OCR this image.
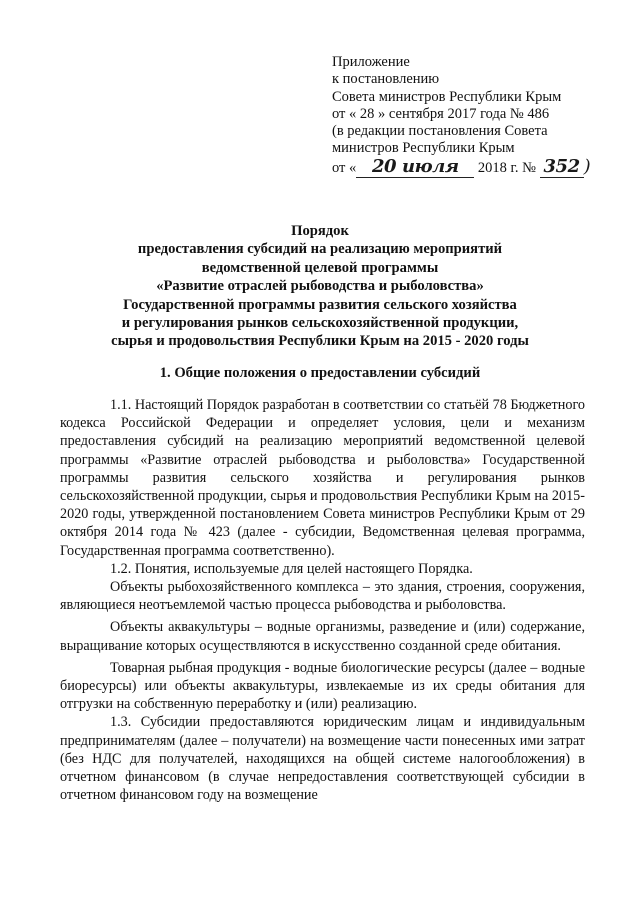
Приложение
к постановлению
Совета министров Республики Крым
от « 28 » сентября 2017 года № 486
(в редакции постановления Совета
министров Республики Крым
от « 20 июля 2018 г. № 352 )
Порядок
предоставления субсидий на реализацию мероприятий
ведомственной целевой программы
«Развитие отраслей рыбоводства и рыболовства»
Государственной программы развития сельского хозяйства
и регулирования рынков сельскохозяйственной продукции,
сырья и продовольствия Республики Крым на 2015 - 2020 годы
1. Общие положения о предоставлении субсидий

1.1. Настоящий Порядок разработан в соответствии со статьёй 78 Бюджетного кодекса Российской Федерации и определяет условия, цели и механизм предоставления субсидий на реализацию мероприятий ведомственной целевой программы «Развитие отраслей рыбоводства и рыболовства» Государственной программы развития сельского хозяйства и регулирования рынков сельскохозяйственной продукции, сырья и продовольствия Республики Крым на 2015-2020 годы, утвержденной постановлением Совета министров Республики Крым от 29 октября 2014 года № 423 (далее - субсидии, Ведомственная целевая программа, Государственная программа соответственно).

1.2. Понятия, используемые для целей настоящего Порядка.

Объекты рыбохозяйственного комплекса – это здания, строения, сооружения, являющиеся неотъемлемой частью процесса рыбоводства и рыболовства.

Объекты аквакультуры – водные организмы, разведение и (или) содержание, выращивание которых осуществляются в искусственно созданной среде обитания.

Товарная рыбная продукция - водные биологические ресурсы (далее – водные биоресурсы) или объекты аквакультуры, извлекаемые из их среды обитания для отгрузки на собственную переработку и (или) реализацию.

1.3. Субсидии предоставляются юридическим лицам и индивидуальным предпринимателям (далее – получатели) на возмещение части понесенных ими затрат (без НДС для получателей, находящихся на общей системе налогообложения) в отчетном финансовом (в случае непредоставления соответствующей субсидии в отчетном финансовом году на возмещение
